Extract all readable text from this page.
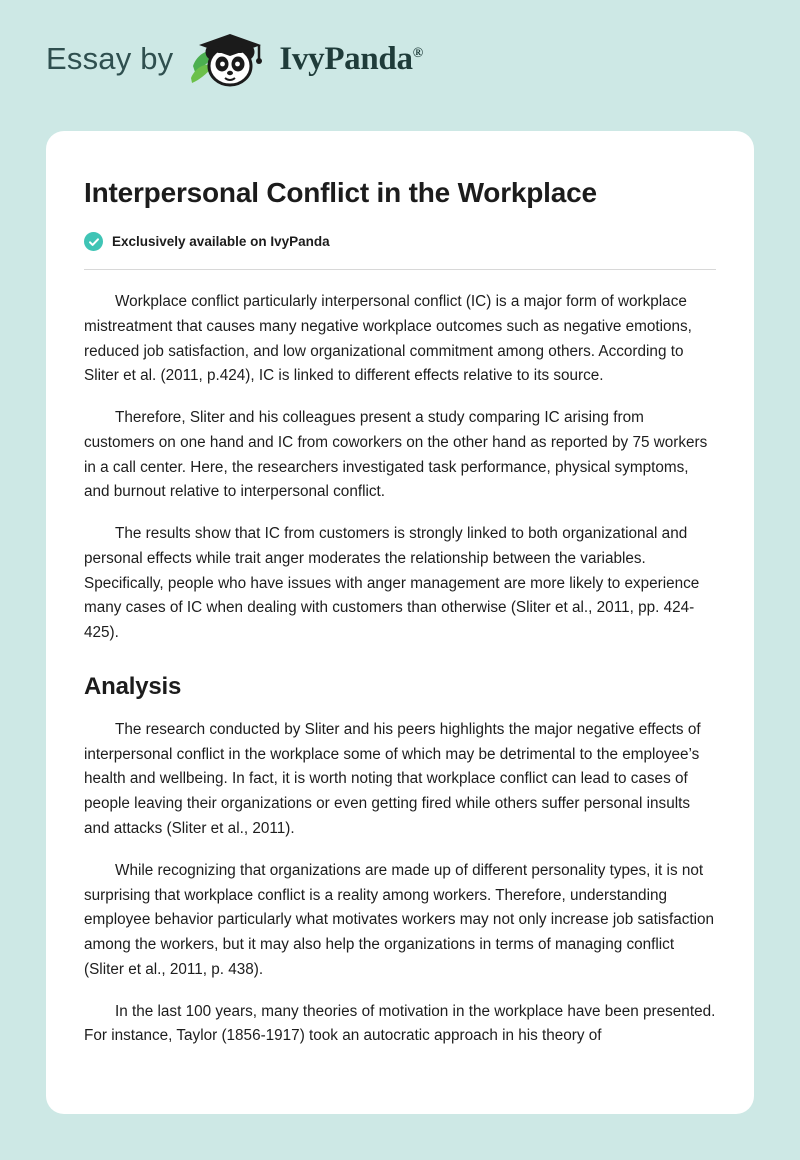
Essay by	IvyPanda®
Interpersonal Conflict in the Workplace
Exclusively available on IvyPanda

Workplace conflict particularly interpersonal conflict (IC) is a major form of workplace mistreatment that causes many negative workplace outcomes such as negative emotions, reduced job satisfaction, and low organizational commitment among others. According to Sliter et al. (2011, p.424), IC is linked to different effects relative to its source.

Therefore, Sliter and his colleagues present a study comparing IC arising from customers on one hand and IC from coworkers on the other hand as reported by 75 workers in a call center. Here, the researchers investigated task performance, physical symptoms, and burnout relative to interpersonal conflict.

The results show that IC from customers is strongly linked to both organizational and personal effects while trait anger moderates the relationship between the variables. Specifically, people who have issues with anger management are more likely to experience many cases of IC when dealing with customers than otherwise (Sliter et al., 2011, pp. 424-425).

Analysis

The research conducted by Sliter and his peers highlights the major negative effects of interpersonal conflict in the workplace some of which may be detrimental to the employee’s health and wellbeing. In fact, it is worth noting that workplace conflict can lead to cases of people leaving their organizations or even getting fired while others suffer personal insults and attacks (Sliter et al., 2011).

While recognizing that organizations are made up of different personality types, it is not surprising that workplace conflict is a reality among workers. Therefore, understanding employee behavior particularly what motivates workers may not only increase job satisfaction among the workers, but it may also help the organizations in terms of managing conflict (Sliter et al., 2011, p. 438).

In the last 100 years, many theories of motivation in the workplace have been presented. For instance, Taylor (1856-1917) took an autocratic approach in his theory of
